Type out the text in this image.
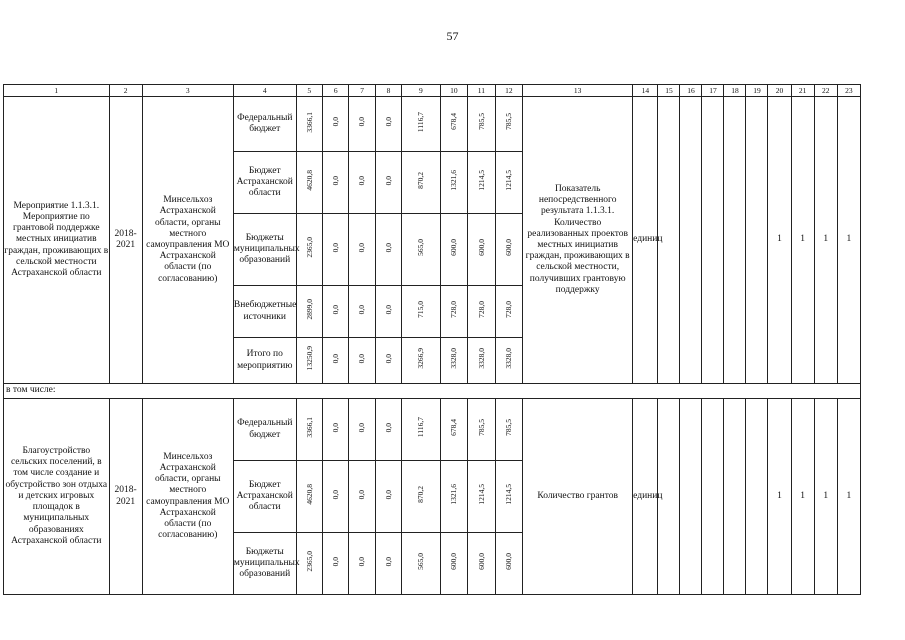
57
1	2	3	4	5	6	7	8	9	10	11	12	13	14	15	16	17	18	19	20	21	22	23
Мероприятие 1.1.3.1. Мероприятие по грантовой поддержке местных инициатив граждан, проживающих в сельской местности Астраханской области	2018-2021	Минсельхоз Астраханской области, органы местного самоуправления МО Астраханской области (по согласованию)	Федеральный бюджет	3366,1	0,0	0,0	0,0	1116,7	678,4	785,5	785,5	Показатель непосредственного результата 1.1.3.1. Количество реализованных проектов местных инициатив граждан, проживающих в сельской местности, получивших грантовую поддержку	единиц						1	1	1	1
			Бюджет Астраханской области	4620,8	0,0	0,0	0,0	870,2	1321,6	1214,5	1214,5											
			Бюджеты муниципальных образований	2365,0	0,0	0,0	0,0	565,0	600,0	600,0	600,0											
			Внебюджетные источники	2899,0	0,0	0,0	0,0	715,0	728,0	728,0	728,0											
			Итого по мероприятию	13250,9	0,0	0,0	0,0	3266,9	3328,0	3328,0	3328,0											
в том числе:																						
Благоустройство сельских поселений, в том числе создание и обустройство зон отдыха и детских игровых площадок в муниципальных образованиях Астраханской области	2018-2021	Минсельхоз Астраханской области, органы местного самоуправления МО Астраханской области (по согласованию)	Федеральный бюджет	3366,1	0,0	0,0	0,0	1116,7	678,4	785,5	785,5	Количество грантов	единиц						1	1	1	1
			Бюджет Астраханской области	4620,8	0,0	0,0	0,0	870,2	1321,6	1214,5	1214,5											
			Бюджеты муниципальных образований	2365,0	0,0	0,0	0,0	565,0	600,0	600,0	600,0											
